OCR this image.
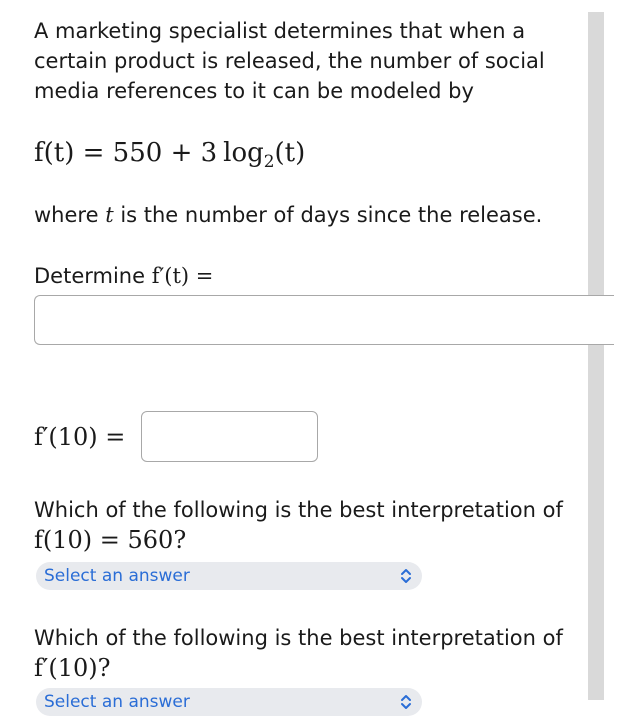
A marketing specialist determines that when a
certain product is released, the number of social
media references to it can be modeled by
f(t) = 550 + 3 $\log_2(t)$
where t is the number of days since the release.
Determine f′(t) =
f′(10) =
Which of the following is the best interpretation of
f(10) = 560?
Select an answer
Which of the following is the best interpretation of
f′(10)?
Select an answer
